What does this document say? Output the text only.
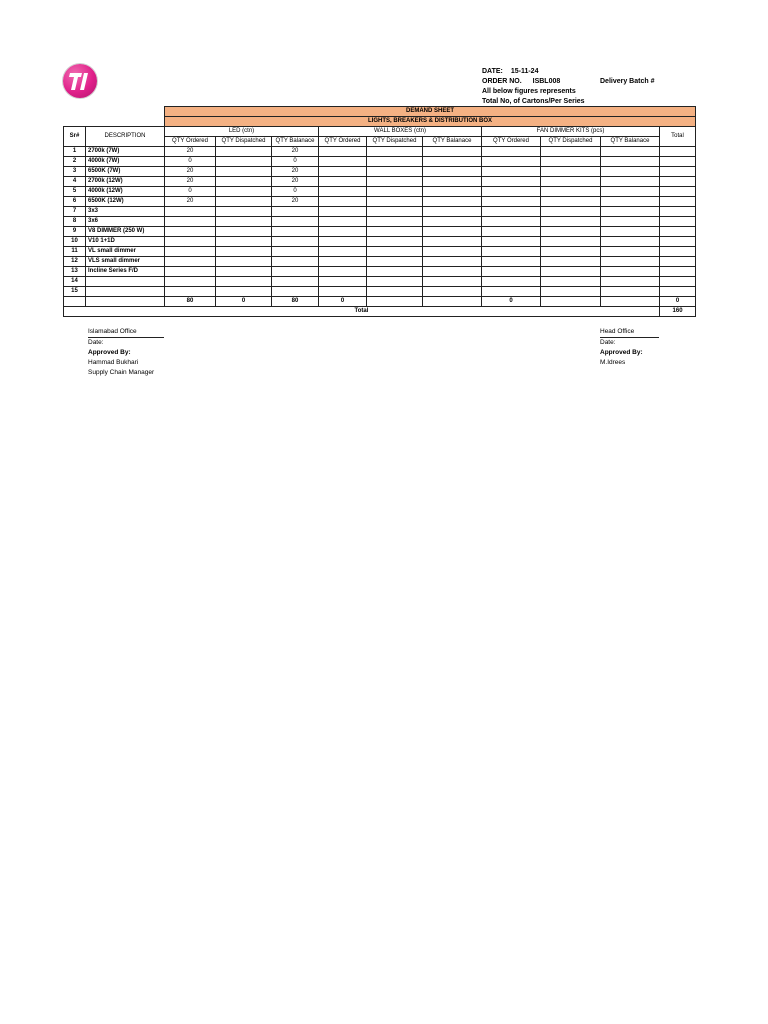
DATE: 15-11-24
ORDER NO. ISBL008	Delivery Batch #
All below figures represents
Total No, of Cartons/Per Series
		DEMAND SHEET									
		LIGHTS, BREAKERS & DISTRIBUTION BOX									
Sr#	DESCRIPTION	LED (ctn)			WALL BOXES (ctn)			FAN DIMMER KITS (pcs)			Total
		QTY Ordered	QTY Dispatched	QTY Balanace	QTY Ordered	QTY Dispatched	QTY Balanace	QTY Ordered	QTY Dispatched	QTY Balanace	
1	2700k (7W)	20		20							
2	4000k (7W)	0		0							
3	6500K (7W)	20		20							
4	2700k (12W)	20		20							
5	4000k (12W)	0		0							
6	6500K (12W)	20		20							
7	3x3										
8	3x6										
9	V8 DIMMER (250 W)										
10	V10 1+1D										
11	VL small dimmer										
12	VLS small dimmer										
13	Incline Series F/D										
14											
15											
		80	0	80	0			0			0
Total											160
Islamabad Office
Date:
Approved By:
Hammad Bukhari
Supply Chain Manager
Head Office
Date:
Approved By:
M.Idrees
